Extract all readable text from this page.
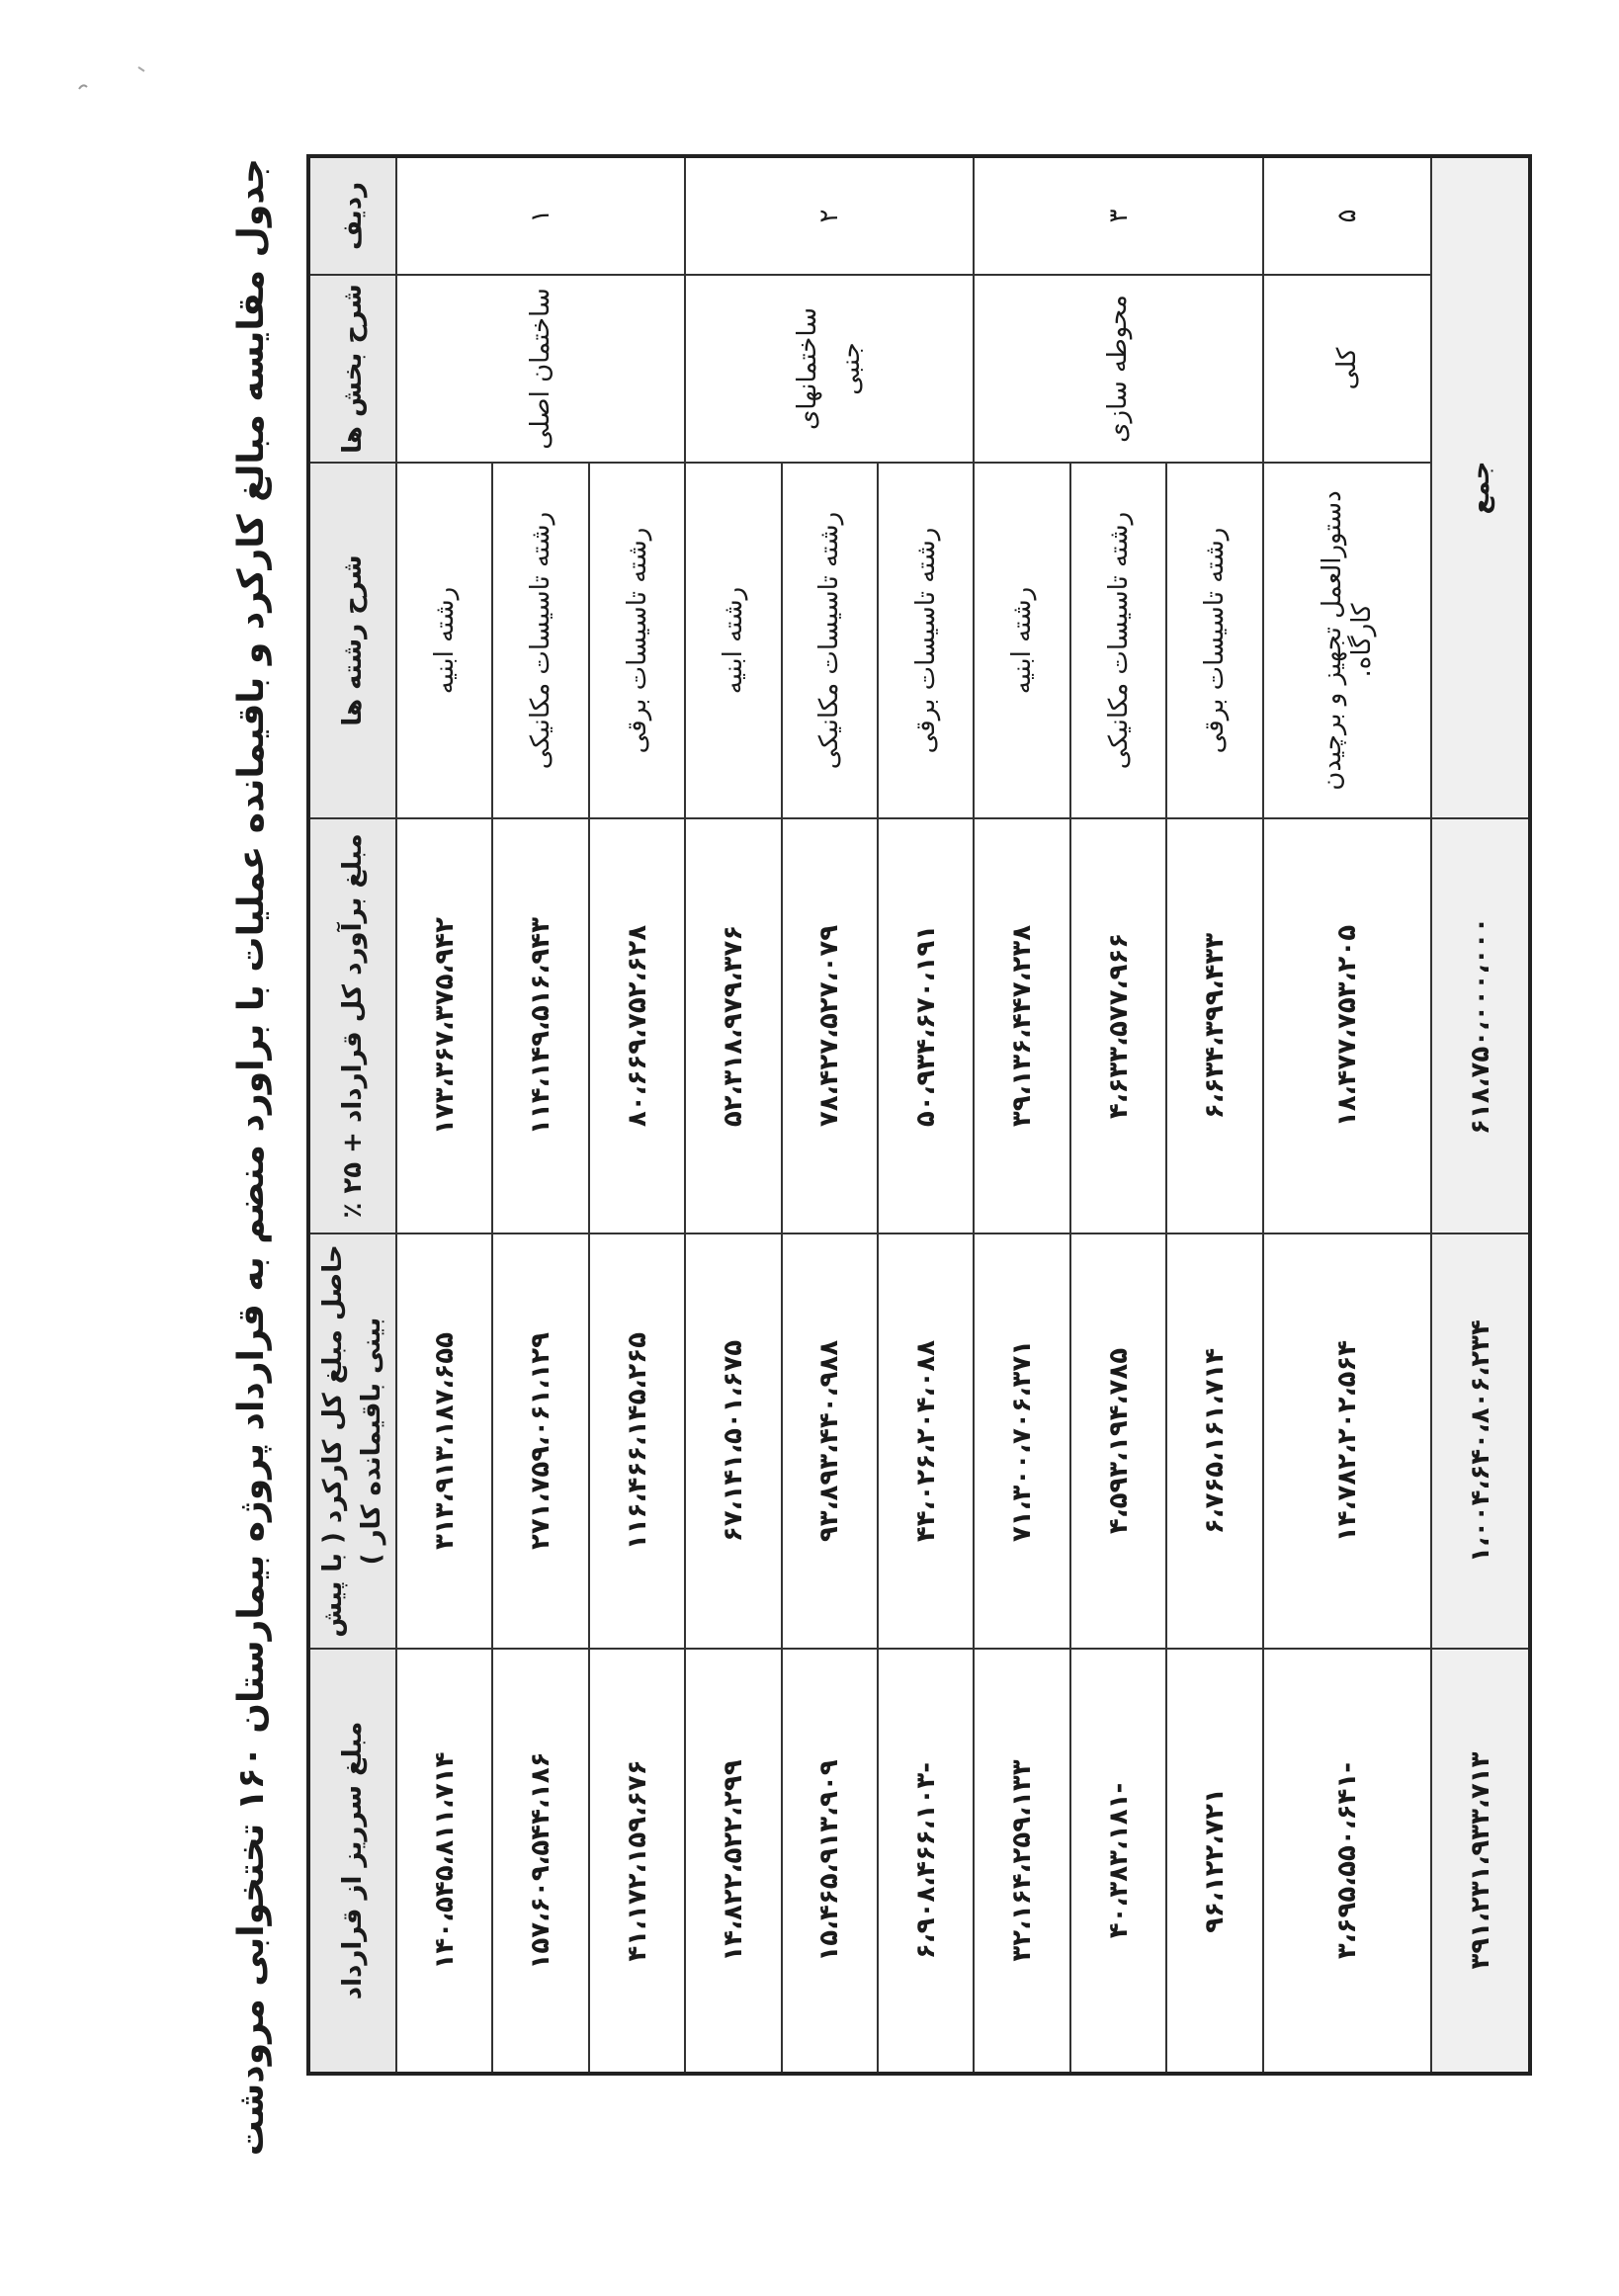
جدول مقایسه مبالغ کارکرد و باقیمانده عملیات با براورد منضم به قرارداد پروژه بیمارستان ۱۶۰ تختخوابی مرودشت	ردیف	شرح بخش ها	شرح رشته ها	مبلغ برآورد کل قرارداد + ۲۵ ٪	حاصل مبلغ کل کارکرد ( با پیش بینی باقیمانده کار )	مبلغ سرریز از قرارداد
۱	ساختمان اصلی	رشته ابنیه	۱۷۳،۳۶۷،۳۷۵،۹۴۲	۳۱۳،۹۱۳،۱۸۷،۶۵۵	۱۴۰،۵۴۵،۸۱۱،۷۱۴
		رشته تاسیسات مکانیکی	۱۱۴،۱۴۹،۵۱۶،۹۴۳	۲۷۱،۷۵۹،۰۶۱،۱۲۹	۱۵۷،۶۰۹،۵۴۴،۱۸۶
		رشته تاسیسات برقی	۸۰،۶۶۹،۷۵۲،۶۲۸	۱۱۶،۴۶۶،۱۴۵،۲۶۵	۴۱،۱۷۲،۱۵۹،۶۷۶
۲	ساختمانهای جنبی	رشته ابنیه	۵۲،۳۱۸،۹۷۹،۳۷۶	۶۷،۱۴۱،۵۰۱،۶۷۵	۱۴،۸۲۲،۵۲۲،۲۹۹
		رشته تاسیسات مکانیکی	۷۸،۴۲۷،۵۲۷،۰۷۹	۹۳،۸۹۳،۴۴۰،۹۸۸	۱۵،۴۶۵،۹۱۳،۹۰۹
		رشته تاسیسات برقی	۵۰،۹۳۴،۶۷۰،۱۹۱	۴۴،۰۲۶،۲۰۴،۰۸۸	-۶،۹۰۸،۴۶۶،۱۰۳
۳	محوطه سازی	رشته ابنیه	۳۹،۱۳۶،۴۴۷،۲۳۸	۷۱،۳۰۰،۷۰۶،۳۷۱	۳۲،۱۶۴،۲۵۹،۱۳۳
		رشته تاسیسات مکانیکی	۴،۶۳۳،۵۷۷،۹۶۶	۴،۵۹۳،۱۹۴،۷۸۵	-۴۰،۳۸۳،۱۸۱
		رشته تاسیسات برقی	۶،۶۳۴،۳۹۹،۴۳۳	۶،۷۶۵،۱۶۱،۷۱۴	۹۶،۱۲۲،۷۲۱
۵	کلی	دستورالعمل تجهیز و برچیدن کارگاه.	۱۸،۴۷۷،۷۵۳،۲۰۵	۱۴،۷۸۲،۲۰۲،۵۶۴	-۳،۶۹۵،۵۵۰،۶۴۱
جمع			۶۱۸،۷۵۰،۰۰۰،۰۰۰	۱،۰۰۴،۶۴۰،۸۰۶،۲۳۴	۳۹۱،۲۳۱،۹۳۳،۷۱۳
